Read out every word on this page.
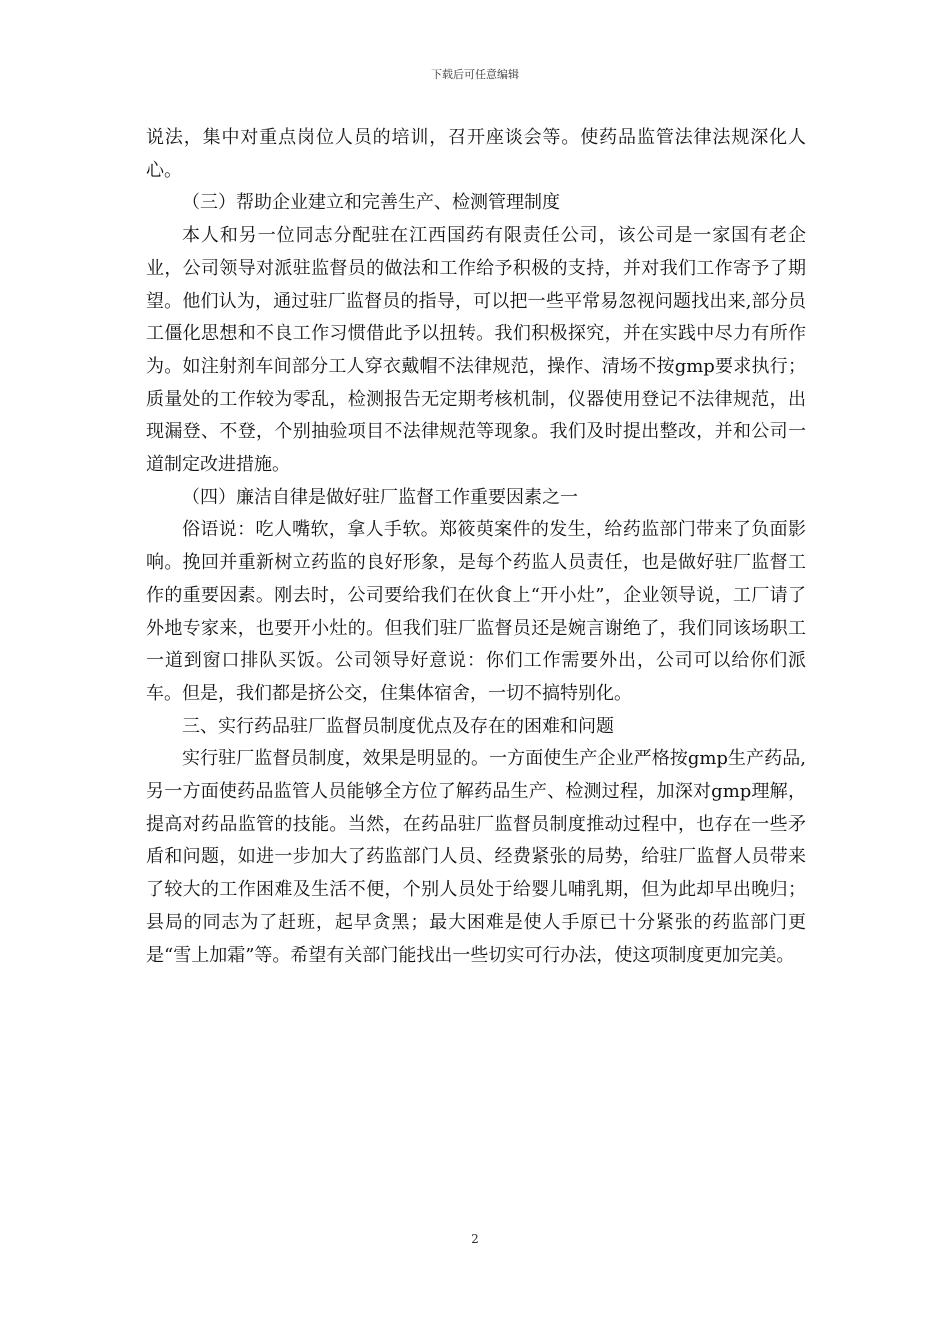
下载后可任意编辑

说法，集中对重点岗位人员的培训，召开座谈会等。使药品监管法律法规深化人心。

（三）帮助企业建立和完善生产、检测管理制度

本人和另一位同志分配驻在江西国药有限责任公司，该公司是一家国有老企业，公司领导对派驻监督员的做法和工作给予积极的支持，并对我们工作寄予了期望。他们认为，通过驻厂监督员的指导，可以把一些平常易忽视问题找出来,部分员工僵化思想和不良工作习惯借此予以扭转。我们积极探究，并在实践中尽力有所作为。如注射剂车间部分工人穿衣戴帽不法律规范，操作、清场不按gmp要求执行；质量处的工作较为零乱，检测报告无定期考核机制，仪器使用登记不法律规范，出现漏登、不登，个别抽验项目不法律规范等现象。我们及时提出整改，并和公司一道制定改进措施。

（四）廉洁自律是做好驻厂监督工作重要因素之一

俗语说：吃人嘴软，拿人手软。郑筱萸案件的发生，给药监部门带来了负面影响。挽回并重新树立药监的良好形象，是每个药监人员责任，也是做好驻厂监督工作的重要因素。刚去时，公司要给我们在伙食上“开小灶”，企业领导说，工厂请了外地专家来，也要开小灶的。但我们驻厂监督员还是婉言谢绝了，我们同该场职工一道到窗口排队买饭。公司领导好意说：你们工作需要外出，公司可以给你们派车。但是，我们都是挤公交，住集体宿舍，一切不搞特别化。

三、实行药品驻厂监督员制度优点及存在的困难和问题

实行驻厂监督员制度，效果是明显的。一方面使生产企业严格按gmp生产药品,另一方面使药品监管人员能够全方位了解药品生产、检测过程，加深对gmp理解，提高对药品监管的技能。当然，在药品驻厂监督员制度推动过程中，也存在一些矛盾和问题，如进一步加大了药监部门人员、经费紧张的局势，给驻厂监督人员带来了较大的工作困难及生活不便，个别人员处于给婴儿哺乳期，但为此却早出晚归；县局的同志为了赶班，起早贪黑；最大困难是使人手原已十分紧张的药监部门更是“雪上加霜”等。希望有关部门能找出一些切实可行办法，使这项制度更加完美。

2
